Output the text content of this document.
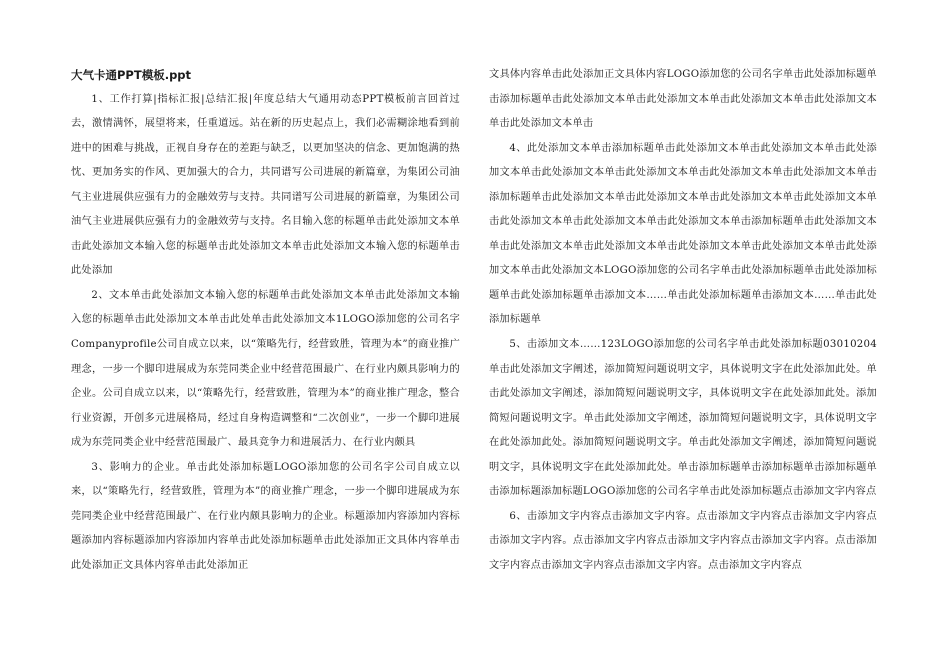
大气卡通PPT模板.ppt

1、工作打算|指标汇报|总结汇报|年度总结大气通用动态PPT模板前言回首过去，激情满怀，展望将来，任重道远。站在新的历史起点上，我们必需糊涂地看到前进中的困难与挑战，正视自身存在的差距与缺乏，以更加坚决的信念、更加饱满的热忱、更加务实的作风、更加强大的合力，共同谱写公司进展的新篇章，为集团公司油气主业进展供应强有力的金融效劳与支持。共同谱写公司进展的新篇章，为集团公司油气主业进展供应强有力的金融效劳与支持。名目输入您的标题单击此处添加文本单击此处添加文本输入您的标题单击此处添加文本单击此处添加文本输入您的标题单击此处添加

2、文本单击此处添加文本输入您的标题单击此处添加文本单击此处添加文本输入您的标题单击此处添加文本单击此处单击此处添加文本1LOGO添加您的公司名字Companyprofile公司自成立以来，以“策略先行，经营致胜，管理为本”的商业推广理念，一步一个脚印进展成为东莞同类企业中经营范围最广、在行业内颇具影响力的企业。公司自成立以来，以“策略先行，经营致胜，管理为本”的商业推广理念，整合行业资源，开创多元进展格局，经过自身构造调整和“二次创业”，一步一个脚印进展成为东莞同类企业中经营范围最广、最具竞争力和进展活力、在行业内颇具

3、影响力的企业。单击此处添加标题LOGO添加您的公司名字公司自成立以来，以“策略先行，经营致胜，管理为本”的商业推广理念，一步一个脚印进展成为东莞同类企业中经营范围最广、在行业内颇具影响力的企业。标题添加内容添加内容标题添加内容标题添加内容添加内容单击此处添加标题单击此处添加正文具体内容单击此处添加正文具体内容单击此处添加正

文具体内容单击此处添加正文具体内容LOGO添加您的公司名字单击此处添加标题单击添加标题单击此处添加文本单击此处添加文本单击此处添加文本单击此处添加文本单击此处添加文本单击

4、此处添加文本单击添加标题单击此处添加文本单击此处添加文本单击此处添加文本单击此处添加文本单击此处添加文本单击此处添加文本单击此处添加文本单击添加标题单击此处添加文本单击此处添加文本单击此处添加文本单击此处添加文本单击此处添加文本单击此处添加文本单击此处添加文本单击添加标题单击此处添加文本单击此处添加文本单击此处添加文本单击此处添加文本单击此处添加文本单击此处添加文本单击此处添加文本LOGO添加您的公司名字单击此处添加标题单击此处添加标题单击此处添加标题单击添加文本……单击此处添加标题单击添加文本……单击此处添加标题单

5、击添加文本……123LOGO添加您的公司名字单击此处添加标题03010204单击此处添加文字阐述，添加简短问题说明文字，具体说明文字在此处添加此处。单击此处添加文字阐述，添加简短问题说明文字，具体说明文字在此处添加此处。添加简短问题说明文字。单击此处添加文字阐述，添加简短问题说明文字，具体说明文字在此处添加此处。添加简短问题说明文字。单击此处添加文字阐述，添加简短问题说明文字，具体说明文字在此处添加此处。单击添加标题单击添加标题单击添加标题单击添加标题添加标题LOGO添加您的公司名字单击此处添加标题点击添加文字内容点

6、击添加文字内容点击添加文字内容。点击添加文字内容点击添加文字内容点击添加文字内容。点击添加文字内容点击添加文字内容点击添加文字内容。点击添加文字内容点击添加文字内容点击添加文字内容。点击添加文字内容点
